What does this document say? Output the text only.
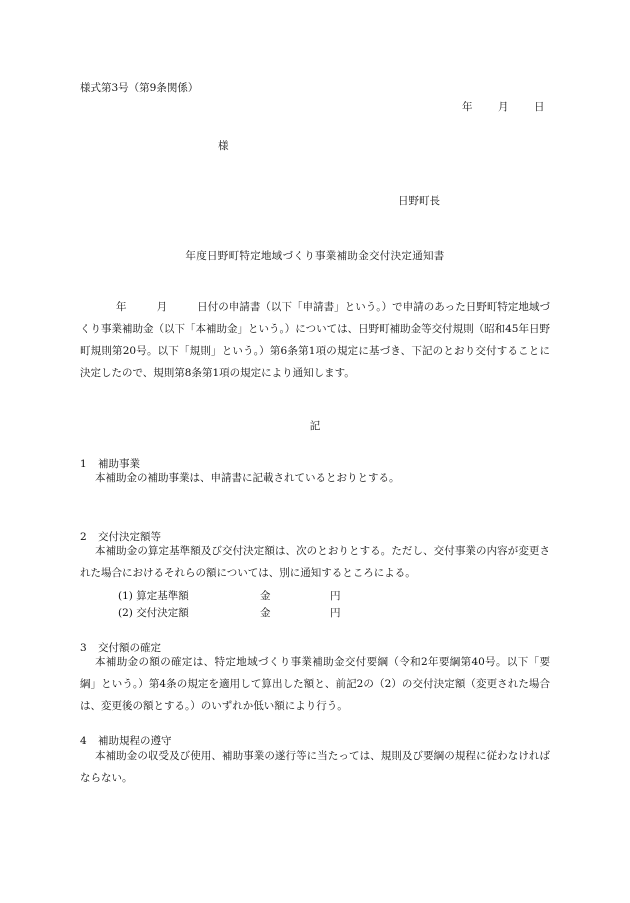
様式第3号（第9条関係）
年 月 日
様
日野町長
年度日野町特定地域づくり事業補助金交付決定通知書
年	月	日付の申請書（以下「申請書」という。）で申請のあった日野町特定地域づくり事業補助金（以下「本補助金」という。）については、日野町補助金等交付規則（昭和45年日野町規則第20号。以下「規則」という。）第6条第1項の規定に基づき、下記のとおり交付することに決定したので、規則第8条第1項の規定により通知します。
記
1 補助事業
本補助金の補助事業は、申請書に記載されているとおりとする。
2 交付決定額等
本補助金の算定基準額及び交付決定額は、次のとおりとする。ただし、交付事業の内容が変更された場合におけるそれらの額については、別に通知するところによる。
(1) 算定基準額	金	円
(2) 交付決定額	金	円
3 交付額の確定
本補助金の額の確定は、特定地域づくり事業補助金交付要綱（令和2年要綱第40号。以下「要綱」という。）第4条の規定を適用して算出した額と、前記2の（2）の交付決定額（変更された場合は、変更後の額とする。）のいずれか低い額により行う。
4 補助規程の遵守
本補助金の収受及び使用、補助事業の遂行等に当たっては、規則及び要綱の規程に従わなければならない。
